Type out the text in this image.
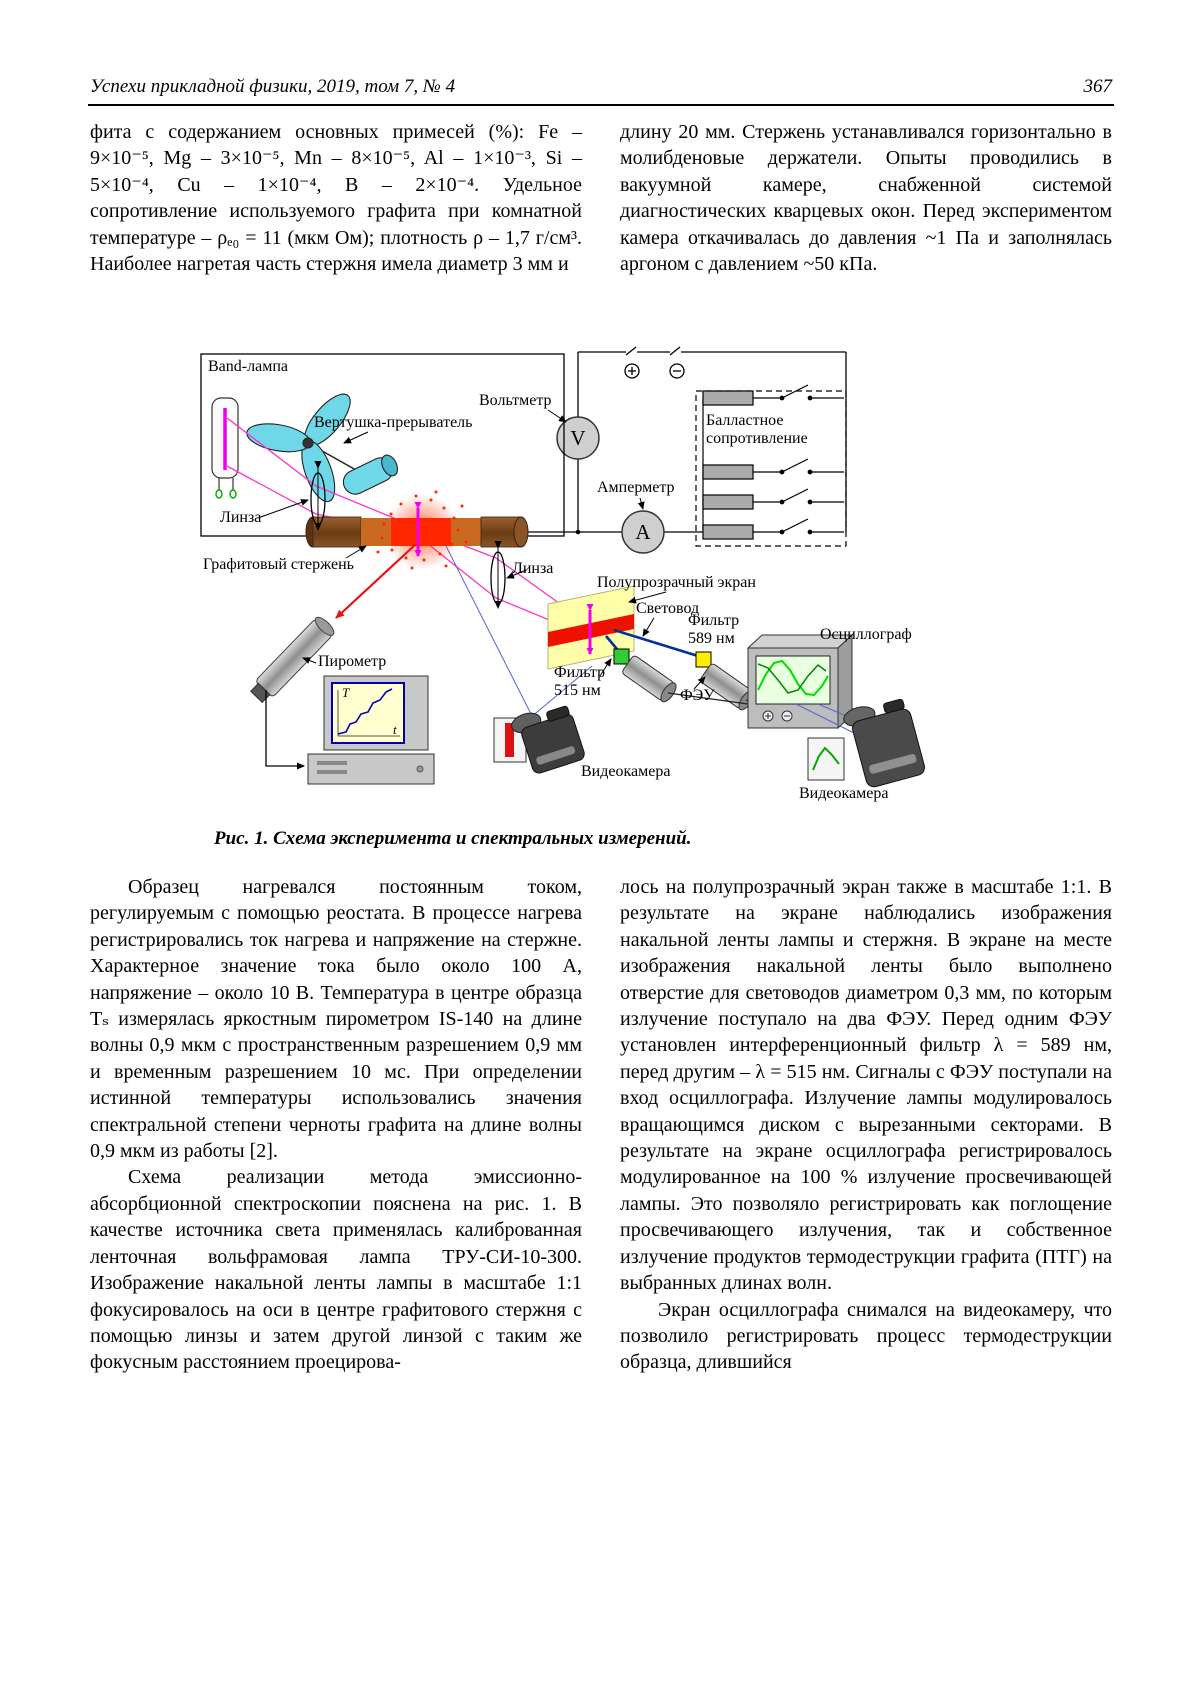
Успехи прикладной физики, 2019, том 7, № 4	367

фита с содержанием основных примесей (%): Fe – 9×10⁻⁵, Mg – 3×10⁻⁵, Mn – 8×10⁻⁵, Al – 1×10⁻³, Si – 5×10⁻⁴, Cu – 1×10⁻⁴, B – 2×10⁻⁴. Удельное сопротивление используемого графита при комнатной температуре – ρₑ₀ = 11 (мкм Ом); плотность ρ – 1,7 г/см³. Наиболее нагретая часть стержня имела диаметр 3 мм и

длину 20 мм. Стержень устанавливался горизонтально в молибденовые держатели. Опыты проводились в вакуумной камере, снабженной системой диагностических кварцевых окон. Перед экспериментом камера откачивалась до давления ~1 Па и заполнялась аргоном с давлением ~50 кПа.

V
A
T
t
Band-лампа
Вертушка-прерыватель
Вольтметр
Балластное
сопротивление
Амперметр
Линза
Графитовый стержень	Линза
Полупрозрачный экран
Световод
Фильтр
589 нм	Осциллограф
Пирометр
Фильтр
515 нм	ФЭУ
Видеокамера
Видеокамера
Рис. 1. Схема эксперимента и спектральных измерений.

Образец нагревался постоянным током, регулируемым с помощью реостата. В процессе нагрева регистрировались ток нагрева и напряжение на стержне. Характерное значение тока было около 100 А, напряжение – около 10 В. Температура в центре образца Tₛ измерялась яркостным пирометром IS-140 на длине волны 0,9 мкм с пространственным разрешением 0,9 мм и временным разрешением 10 мс. При определении истинной температуры использовались значения спектральной степени черноты графита на длине волны 0,9 мкм из работы [2].

Схема реализации метода эмиссионно-абсорбционной спектроскопии пояснена на рис. 1. В качестве источника света применялась калиброванная ленточная вольфрамовая лампа ТРУ-СИ-10-300. Изображение накальной ленты лампы в масштабе 1:1 фокусировалось на оси в центре графитового стержня с помощью линзы и затем другой линзой с таким же фокусным расстоянием проецирова-

лось на полупрозрачный экран также в масштабе 1:1. В результате на экране наблюдались изображения накальной ленты лампы и стержня. В экране на месте изображения накальной ленты было выполнено отверстие для световодов диаметром 0,3 мм, по которым излучение поступало на два ФЭУ. Перед одним ФЭУ установлен интерференционный фильтр λ = 589 нм, перед другим – λ = 515 нм. Сигналы с ФЭУ поступали на вход осциллографа. Излучение лампы модулировалось вращающимся диском с вырезанными секторами. В результате на экране осциллографа регистрировалось модулированное на 100 % излучение просвечивающей лампы. Это позволяло регистрировать как поглощение просвечивающего излучения, так и собственное излучение продуктов термодеструкции графита (ПТГ) на выбранных длинах волн.

Экран осциллографа снимался на видеокамеру, что позволило регистрировать процесс термодеструкции образца, длившийся
